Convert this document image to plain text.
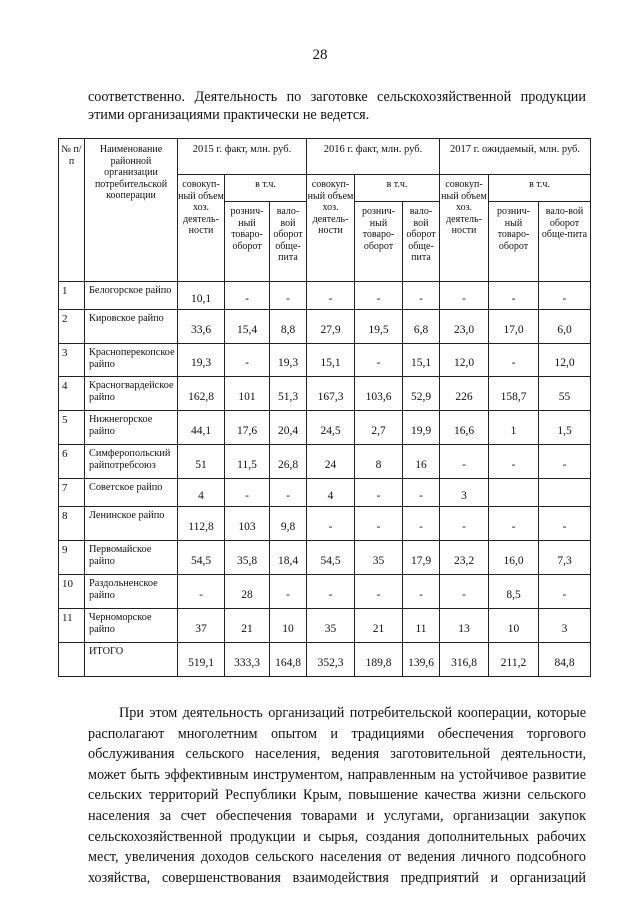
28
соответственно. Деятельность по заготовке сельскохозяйственной продукции
этими организациями практически не ведется.
№ п/п	Наименование районной организации потребительской кооперации	2015 г. факт, млн. руб.			2016 г. факт, млн. руб.			2017 г. ожидаемый, млн. руб.		
		совокуп-ный объем хоз. деятель-ности	в т.ч.		совокуп-ный объем хоз. деятель-ности	в т.ч.		совокуп-ный объем хоз. деятель-ности	в т.ч.	
			рознич-ный товаро-оборот	вало-вой оборот обще-пита		рознич-ный товаро-оборот	вало-вой оборот обще-пита		рознич-ный товаро-оборот	вало-вой оборот обще-пита
1	Белогорское райпо	10,1	-	-	-	-	-	-	-	-
2	Кировское райпо	33,6	15,4	8,8	27,9	19,5	6,8	23,0	17,0	6,0
3	Красноперекопское райпо	19,3	-	19,3	15,1	-	15,1	12,0	-	12,0
4	Красногвардейское райпо	162,8	101	51,3	167,3	103,6	52,9	226	158,7	55
5	Нижнегорское райпо	44,1	17,6	20,4	24,5	2,7	19,9	16,6	1	1,5
6	Симферопольский райпотребсоюз	51	11,5	26,8	24	8	16	-	-	-
7	Советское райпо	4	-	-	4	-	-	3		
8	Ленинское райпо	112,8	103	9,8	-	-	-	-	-	-
9	Первомайское райпо	54,5	35,8	18,4	54,5	35	17,9	23,2	16,0	7,3
10	Раздольненское райпо	-	28	-	-	-	-	-	8,5	-
11	Черноморское райпо	37	21	10	35	21	11	13	10	3
	ИТОГО	519,1	333,3	164,8	352,3	189,8	139,6	316,8	211,2	84,8
При этом деятельность организаций потребительской кооперации, которые
располагают многолетним опытом и традициями обеспечения торгового
обслуживания сельского населения, ведения заготовительной деятельности,
может быть эффективным инструментом, направленным на устойчивое развитие
сельских территорий Республики Крым, повышение качества жизни сельского
населения за счет обеспечения товарами и услугами, организации закупок
сельскохозяйственной продукции и сырья, создания дополнительных рабочих
мест, увеличения доходов сельского населения от ведения личного подсобного
хозяйства, совершенствования взаимодействия предприятий и организаций
